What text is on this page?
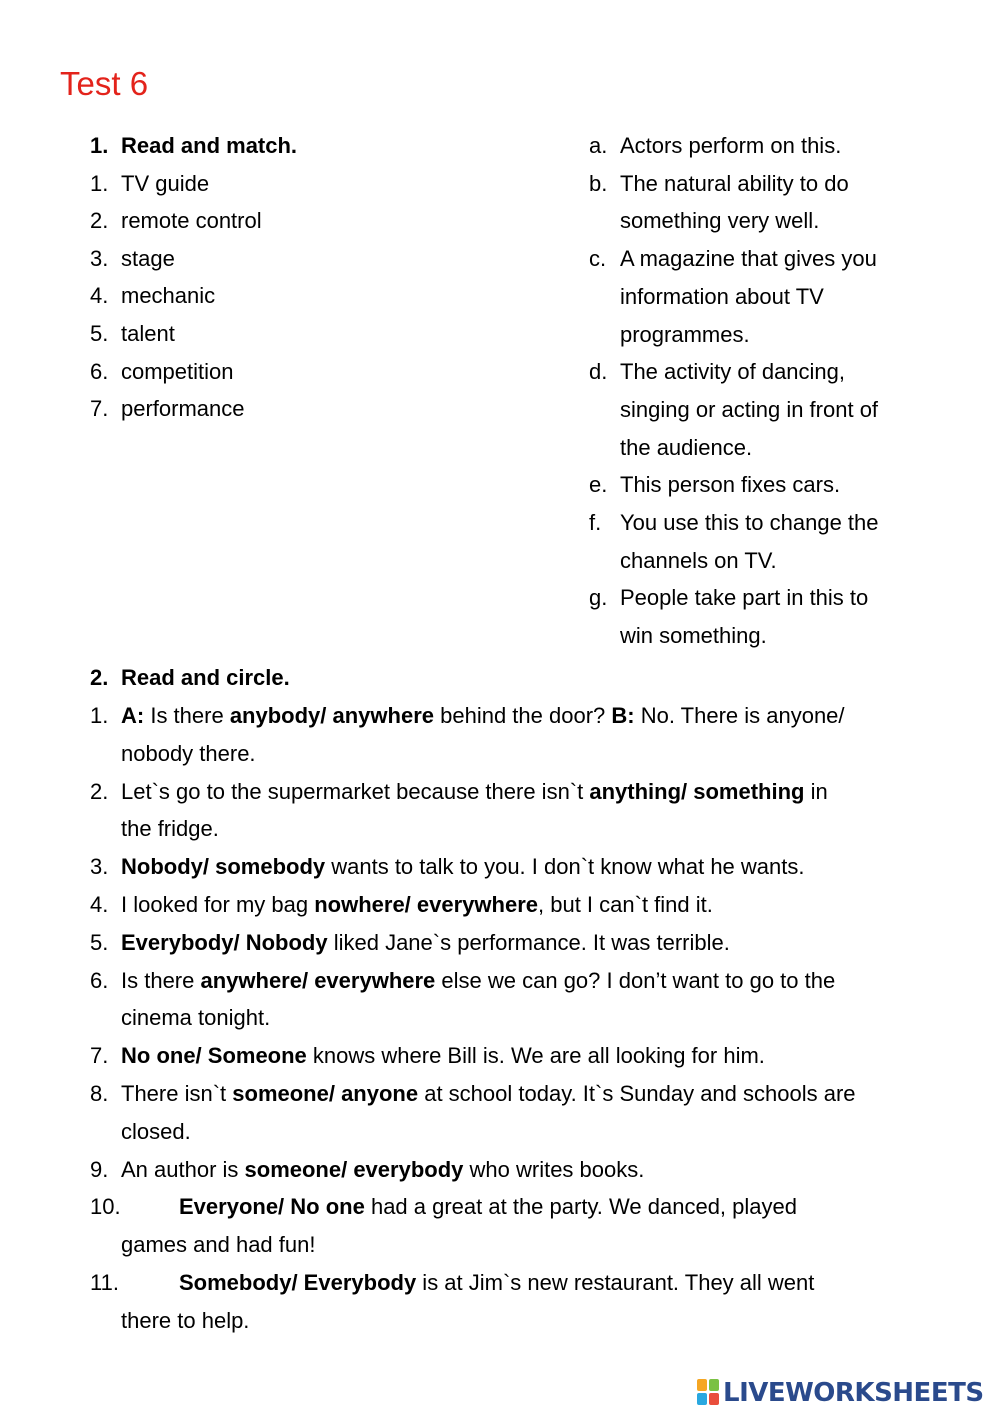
Test 6
1. Read and match.
1. TV guide
2. remote control
3. stage
4. mechanic
5. talent
6. competition
7. performance
a. Actors perform on this.
b. The natural ability to do
something very well.
c. A magazine that gives you
information about TV
programmes.
d. The activity of dancing,
singing or acting in front of
the audience.
e. This person fixes cars.
f. You use this to change the
channels on TV.
g. People take part in this to
win something.
2. Read and circle.
1. A: Is there anybody/ anywhere behind the door? B: No. There is anyone/
nobody there.
2. Let`s go to the supermarket because there isn`t anything/ something in
the fridge.
3. Nobody/ somebody wants to talk to you. I don`t know what he wants.
4. I looked for my bag nowhere/ everywhere, but I can`t find it.
5. Everybody/ Nobody liked Jane`s performance. It was terrible.
6. Is there anywhere/ everywhere else we can go? I don’t want to go to the
cinema tonight.
7. No one/ Someone knows where Bill is. We are all looking for him.
8. There isn`t someone/ anyone at school today. It`s Sunday and schools are
closed.
9. An author is someone/ everybody who writes books.
10.	Everyone/ No one had a great at the party. We danced, played
games and had fun!
11.	Somebody/ Everybody is at Jim`s new restaurant. They all went
there to help.
LIVEWORKSHEETS
